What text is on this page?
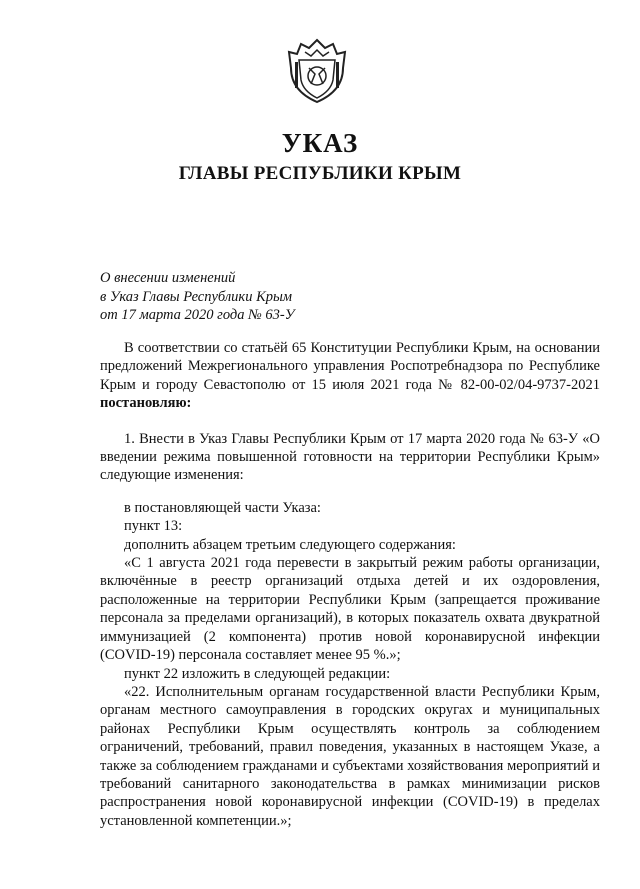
УКАЗ
ГЛАВЫ РЕСПУБЛИКИ КРЫМ
О внесении изменений
в Указ Главы Республики Крым
от 17 марта 2020 года № 63-У

В соответствии со статьёй 65 Конституции Республики Крым, на основании предложений Межрегионального управления Роспотребнадзора по Республике Крым и городу Севастополю от 15 июля 2021 года № 82-00-02/04-9737-2021 постановляю:

1. Внести в Указ Главы Республики Крым от 17 марта 2020 года № 63-У «О введении режима повышенной готовности на территории Республики Крым» следующие изменения:

в постановляющей части Указа:

пункт 13:

дополнить абзацем третьим следующего содержания:

«С 1 августа 2021 года перевести в закрытый режим работы организации, включённые в реестр организаций отдыха детей и их оздоровления, расположенные на территории Республики Крым (запрещается проживание персонала за пределами организаций), в которых показатель охвата двукратной иммунизацией (2 компонента) против новой коронавирусной инфекции (COVID-19) персонала составляет менее 95 %.»;

пункт 22 изложить в следующей редакции:

«22. Исполнительным органам государственной власти Республики Крым, органам местного самоуправления в городских округах и муниципальных районах Республики Крым осуществлять контроль за соблюдением ограничений, требований, правил поведения, указанных в настоящем Указе, а также за соблюдением гражданами и субъектами хозяйствования мероприятий и требований санитарного законодательства в рамках минимизации рисков распространения новой коронавирусной инфекции (COVID-19) в пределах установленной компетенции.»;
